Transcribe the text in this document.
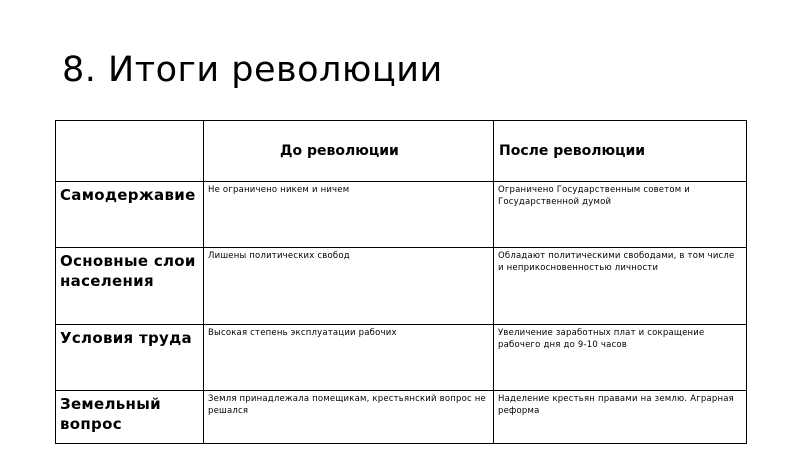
8. Итоги революции
	До революции	После революции
Самодержавие	Не ограничено никем и ничем	Ограничено Государственным советом и Государственной думой
Основные слои населения	Лишены политических свобод	Обладают политическими свободами, в том числе и неприкосновенностью личности
Условия труда	Высокая степень эксплуатации рабочих	Увеличение заработных плат и сокращение рабочего дня до 9-10 часов
Земельный вопрос	Земля принадлежала помещикам, крестьянский вопрос не решался	Наделение крестьян правами на землю. Аграрная реформа
